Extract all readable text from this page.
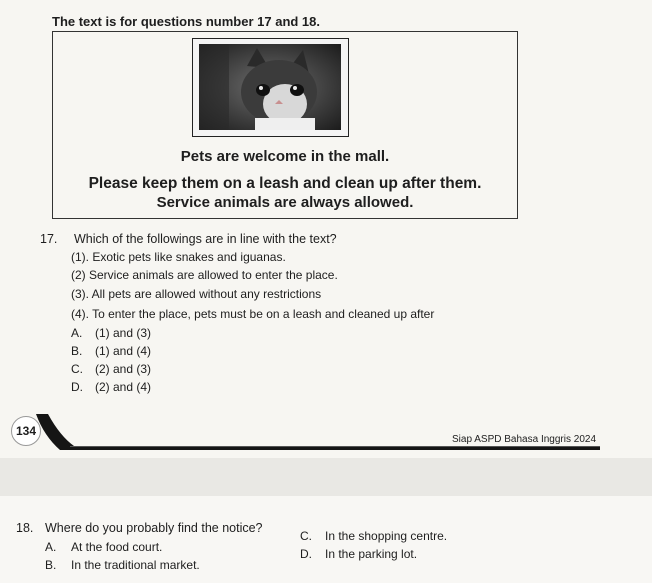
The text is for questions number 17 and 18.
Pets are welcome in the mall.
Please keep them on a leash and clean up after them.
Service animals are always allowed.
17. Which of the followings are in line with the text?
(1). Exotic pets like snakes and iguanas.
(2) Service animals are allowed to enter the place.
(3). All pets are allowed without any restrictions
(4). To enter the place, pets must be on a leash and cleaned up after
A. (1) and (3)
B. (1) and (4)
C. (2) and (3)
D. (2) and (4)
134
Siap ASPD Bahasa Inggris 2024
18. Where do you probably find the notice?
A. At the food court.
B. In the traditional market.
C. In the shopping centre.
D. In the parking lot.
